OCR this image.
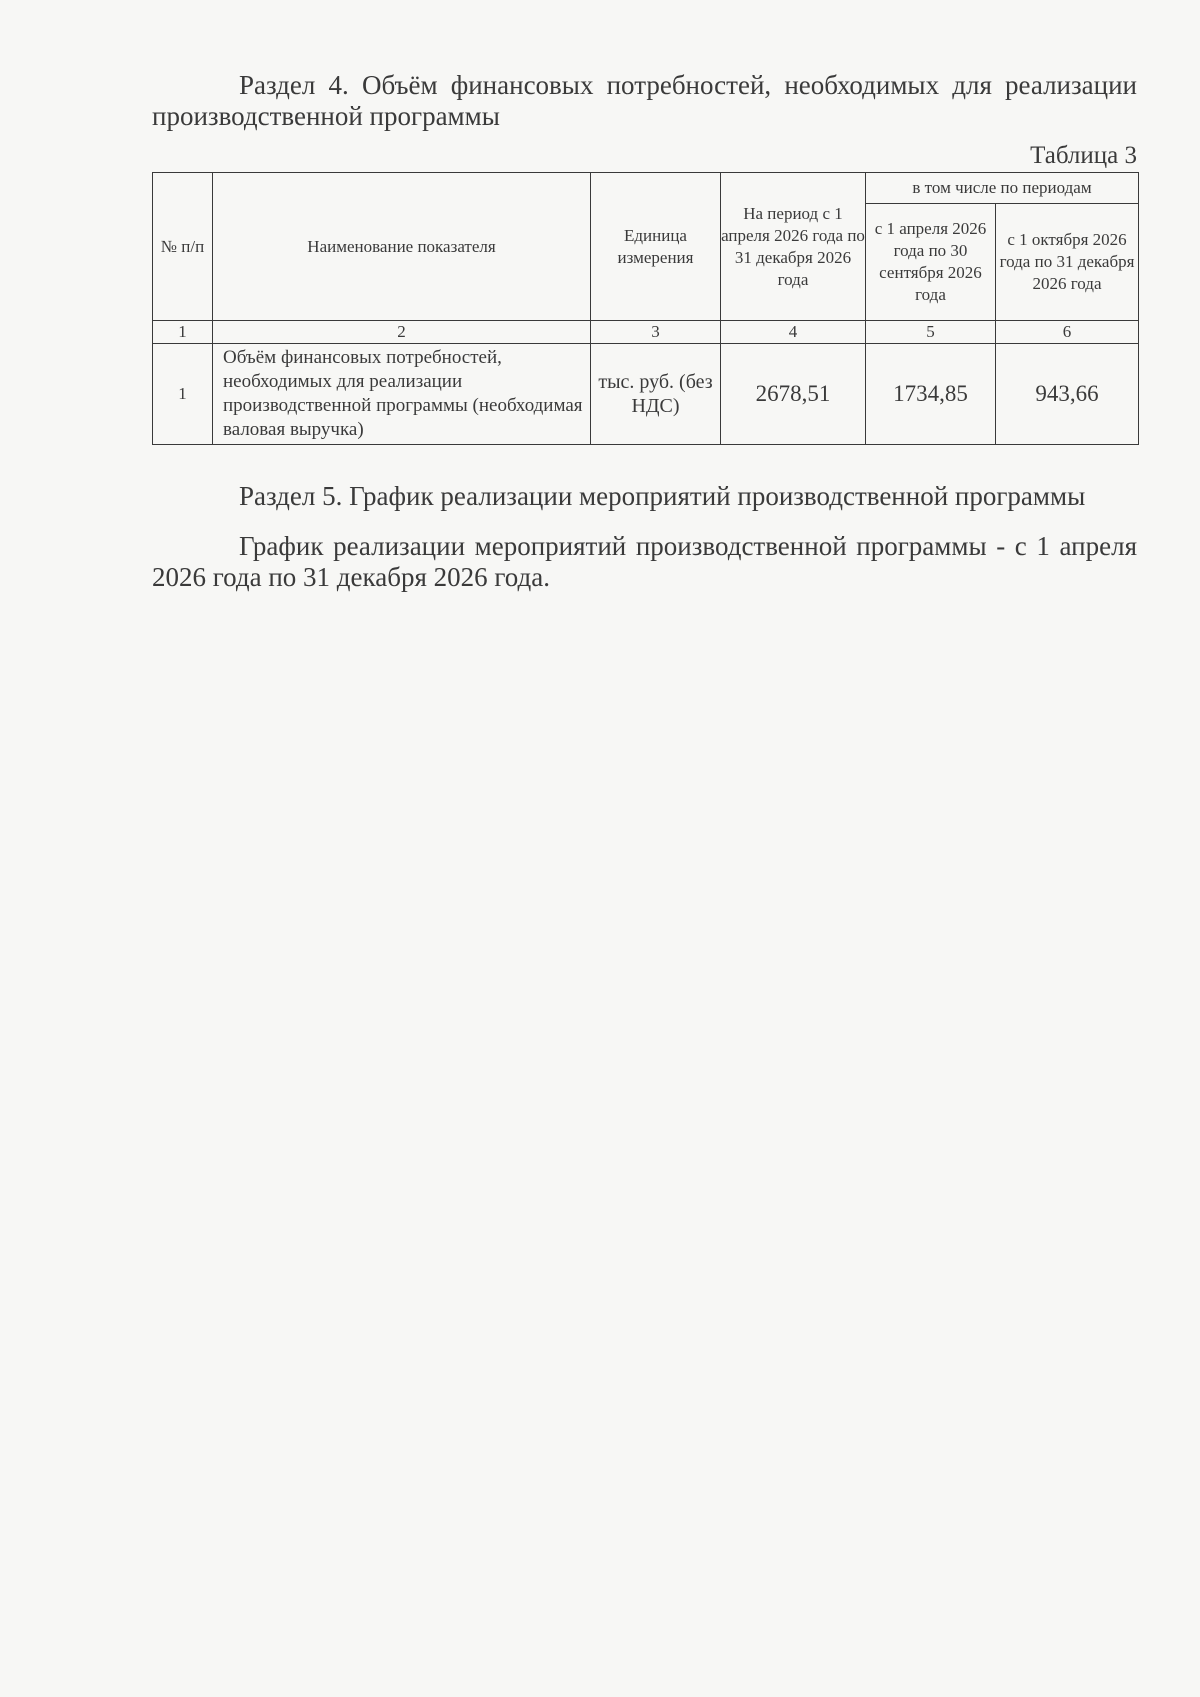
Раздел 4. Объём финансовых потребностей, необходимых для реализации производственной программы

Таблица 3

№ п/п	Наименование показателя	Единица измерения	На период с 1 апреля 2026 года по 31 декабря 2026 года	в том числе по периодам	
				с 1 апреля 2026 года по 30 сентября 2026 года	с 1 октября 2026 года по 31 декабря 2026 года
1	2	3	4	5	6
1	Объём финансовых потребностей, необходимых для реализации производственной программы (необходимая валовая выручка)	тыс. руб. (без НДС)	2678,51	1734,85	943,66

Раздел 5. График реализации мероприятий производственной программы

График реализации мероприятий производственной программы - с 1 апреля 2026 года по 31 декабря 2026 года.
